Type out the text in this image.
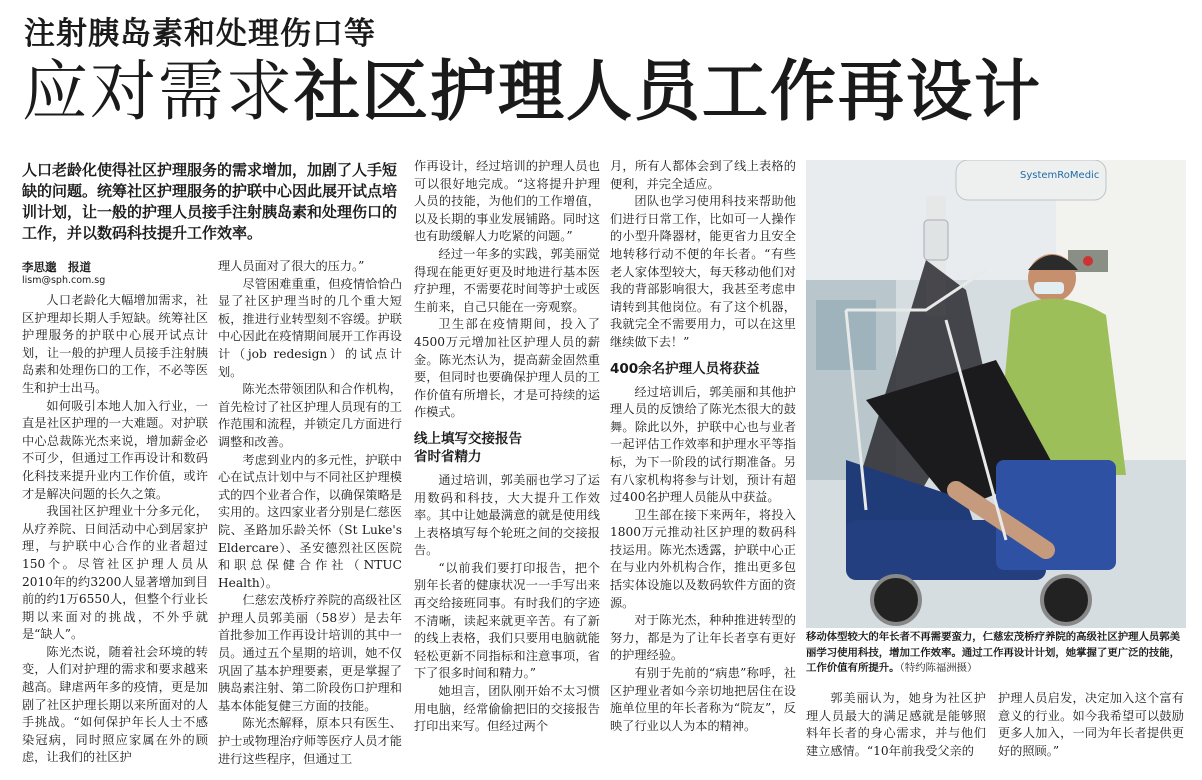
注射胰岛素和处理伤口等
应对需求社区护理人员工作再设计
人口老龄化使得社区护理服务的需求增加，加剧了人手短缺的问题。统筹社区护理服务的护联中心因此展开试点培训计划，让一般的护理人员接手注射胰岛素和处理伤口的工作，并以数码科技提升工作效率。
李思邈　报道
lism@sph.com.sg

人口老龄化大幅增加需求，社区护理却长期人手短缺。统筹社区护理服务的护联中心展开试点计划，让一般的护理人员接手注射胰岛素和处理伤口的工作，不必等医生和护士出马。

如何吸引本地人加入行业，一直是社区护理的一大难题。对护联中心总裁陈光杰来说，增加薪金必不可少，但通过工作再设计和数码化科技来提升业内工作价值，或许才是解决问题的长久之策。

我国社区护理业十分多元化，从疗养院、日间活动中心到居家护理，与护联中心合作的业者超过150个。尽管社区护理人员从2010年的约3200人显著增加到目前的约1万6550人，但整个行业长期以来面对的挑战，不外乎就是“缺人”。

陈光杰说，随着社会环境的转变，人们对护理的需求和要求越来越高。肆虐两年多的疫情，更是加剧了社区护理长期以来所面对的人手挑战。“如何保护年长人士不感染冠病，同时照应家属在外的顾虑，让我们的社区护

理人员面对了很大的压力。”

尽管困难重重，但疫情恰恰凸显了社区护理当时的几个重大短板，推进行业转型刻不容缓。护联中心因此在疫情期间展开工作再设计（job redesign）的试点计划。

陈光杰带领团队和合作机构，首先检讨了社区护理人员现有的工作范围和流程，并锁定几方面进行调整和改善。

考虑到业内的多元性，护联中心在试点计划中与不同社区护理模式的四个业者合作，以确保策略是实用的。这四家业者分别是仁慈医院、圣路加乐龄关怀（St Luke's Eldercare）、圣安德烈社区医院和职总保健合作社（NTUC Health）。

仁慈宏茂桥疗养院的高级社区护理人员郭美丽（58岁）是去年首批参加工作再设计培训的其中一员。通过五个星期的培训，她不仅巩固了基本护理要素，更是掌握了胰岛素注射、第二阶段伤口护理和基本体能复健三方面的技能。

陈光杰解释，原本只有医生、护士或物理治疗师等医疗人员才能进行这些程序，但通过工

作再设计，经过培训的护理人员也可以很好地完成。“这将提升护理人员的技能，为他们的工作增值，以及长期的事业发展铺路。同时这也有助缓解人力吃紧的问题。”

经过一年多的实践，郭美丽觉得现在能更好更及时地进行基本医疗护理，不需要花时间等护士或医生前来，自己只能在一旁观察。

卫生部在疫情期间，投入了4500万元增加社区护理人员的薪金。陈光杰认为，提高薪金固然重要，但同时也要确保护理人员的工作价值有所增长，才是可持续的运作模式。

线上填写交接报告
省时省精力

通过培训，郭美丽也学习了运用数码和科技，大大提升工作效率。其中让她最满意的就是使用线上表格填写每个轮班之间的交接报告。

“以前我们要打印报告，把个别年长者的健康状况一一手写出来再交给接班同事。有时我们的字迹不清晰，读起来就更辛苦。有了新的线上表格，我们只要用电脑就能轻松更新不同指标和注意事项，省下了很多时间和精力。”

她坦言，团队刚开始不太习惯用电脑，经常偷偷把旧的交接报告打印出来写。但经过两个

月，所有人都体会到了线上表格的便利，并完全适应。

团队也学习使用科技来帮助他们进行日常工作，比如可一人操作的小型升降器材，能更省力且安全地转移行动不便的年长者。“有些老人家体型较大，每天移动他们对我的背部影响很大，我甚至考虑申请转到其他岗位。有了这个机器，我就完全不需要用力，可以在这里继续做下去！”

400余名护理人员将获益

经过培训后，郭美丽和其他护理人员的反馈给了陈光杰很大的鼓舞。除此以外，护联中心也与业者一起评估工作效率和护理水平等指标，为下一阶段的试行期准备。另有八家机构将参与计划，预计有超过400名护理人员能从中获益。

卫生部在接下来两年，将投入1800万元推动社区护理的数码科技运用。陈光杰透露，护联中心正在与业内外机构合作，推出更多包括实体设施以及数码软件方面的资源。

对于陈光杰，种种推进转型的努力，都是为了让年长者享有更好的护理经验。

有别于先前的“病患”称呼，社区护理业者如今亲切地把居住在设施单位里的年长者称为“院友”，反映了行业以人为本的精神。

SystemRoMedic
移动体型较大的年长者不再需要蛮力，仁慈宏茂桥疗养院的高级社区护理人员郭美丽学习使用科技，增加工作效率。通过工作再设计计划，她掌握了更广泛的技能，工作价值有所提升。（特约陈福洲摄）

郭美丽认为，她身为社区护理人员最大的满足感就是能够照料年长者的身心需求，并与他们建立感情。“10年前我受父亲的

护理人员启发，决定加入这个富有意义的行业。如今我希望可以鼓励更多人加入，一同为年长者提供更好的照顾。”
